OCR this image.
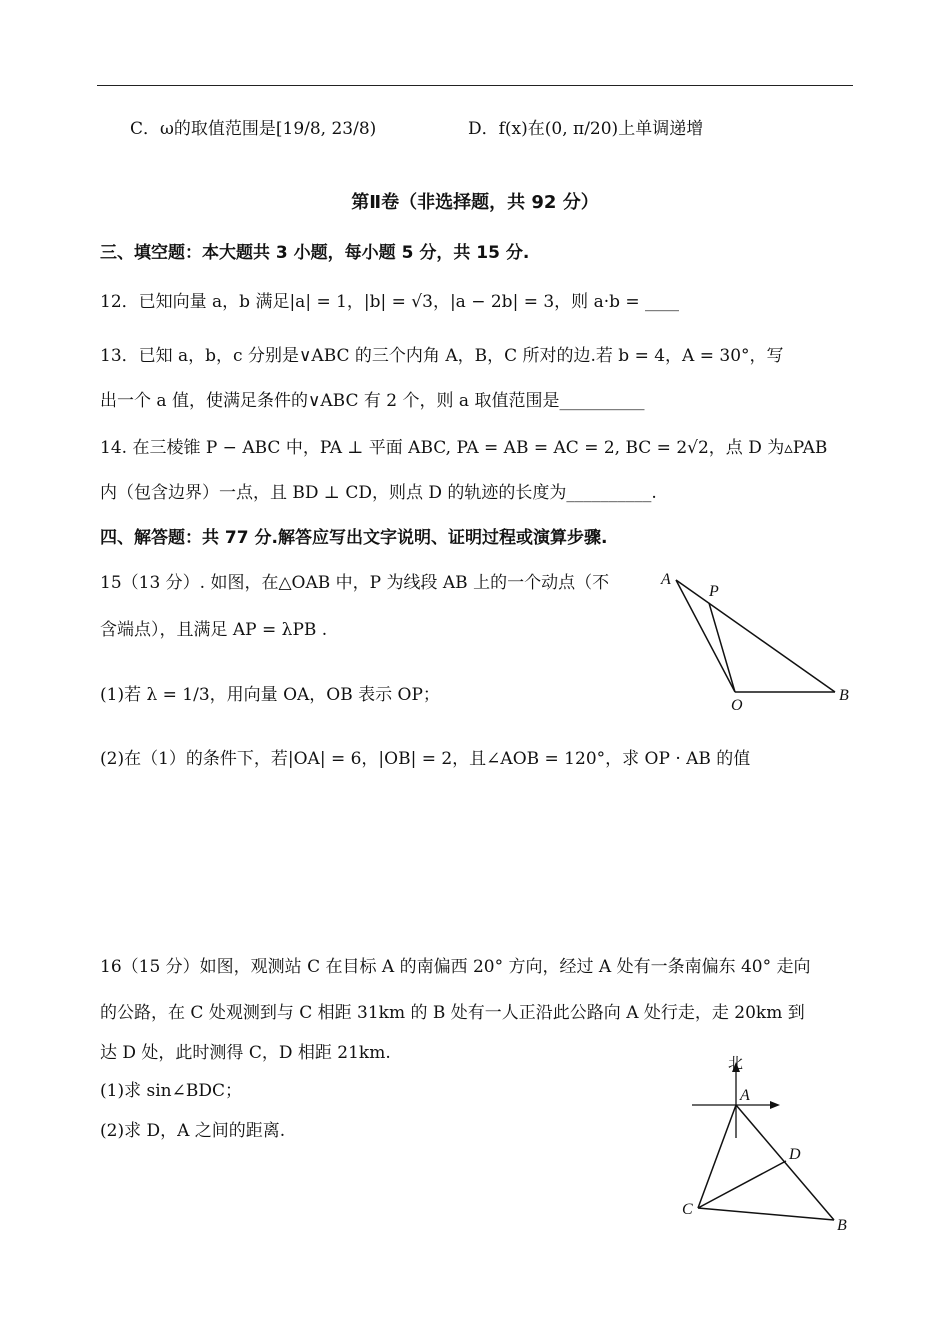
C．ω的取值范围是[19/8, 23/8)	D．f(x)在(0, π/20)上单调递增
第Ⅱ卷（非选择题，共 92 分）
三、填空题：本大题共 3 小题，每小题 5 分，共 15 分.
12．已知向量 a，b 满足|a| = 1，|b| = √3，|a − 2b| = 3，则 a·b = ____
13．已知 a，b，c 分别是∨ABC 的三个内角 A，B，C 所对的边.若 b = 4，A = 30°，写
出一个 a 值，使满足条件的∨ABC 有 2 个，则 a 取值范围是__________
14. 在三棱锥 P − ABC 中，PA ⊥ 平面 ABC, PA = AB = AC = 2, BC = 2√2，点 D 为▵PAB
内（包含边界）一点，且 BD ⊥ CD，则点 D 的轨迹的长度为__________.
四、解答题：共 77 分.解答应写出文字说明、证明过程或演算步骤.
15（13 分）. 如图，在△OAB 中，P 为线段 AB 上的一个动点（不
含端点），且满足 AP = λPB .
(1)若 λ = 1/3，用向量 OA，OB 表示 OP；
(2)在（1）的条件下，若|OA| = 6，|OB| = 2，且∠AOB = 120°，求 OP · AB 的值
A
P
O
B
16（15 分）如图，观测站 C 在目标 A 的南偏西 20° 方向，经过 A 处有一条南偏东 40° 走向
的公路，在 C 处观测到与 C 相距 31km 的 B 处有一人正沿此公路向 A 处行走，走 20km 到
达 D 处，此时测得 C，D 相距 21km.
(1)求 sin∠BDC；
(2)求 D，A 之间的距离.
北
A
D
C
B
